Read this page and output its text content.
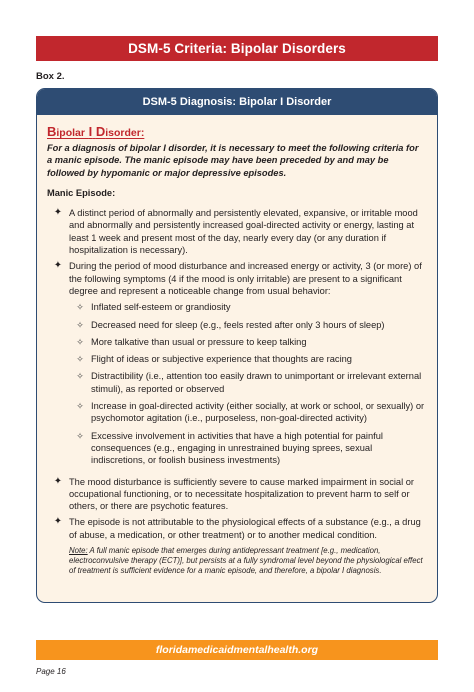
DSM-5 Criteria: Bipolar Disorders
Box 2.
DSM-5 Diagnosis: Bipolar I Disorder
Bipolar I Disorder:

For a diagnosis of bipolar I disorder, it is necessary to meet the following criteria for a manic episode. The manic episode may have been preceded by and may be followed by hypomanic or major depressive episodes.

Manic Episode:

✦ A distinct period of abnormally and persistently elevated, expansive, or irritable mood and abnormally and persistently increased goal-directed activity or energy, lasting at least 1 week and present most of the day, nearly every day (or any duration if hospitalization is necessary).
✦ During the period of mood disturbance and increased energy or activity, 3 (or more) of the following symptoms (4 if the mood is only irritable) are present to a significant degree and represent a noticeable change from usual behavior:
✧ Inflated self-esteem or grandiosity
✧ Decreased need for sleep (e.g., feels rested after only 3 hours of sleep)
✧ More talkative than usual or pressure to keep talking
✧ Flight of ideas or subjective experience that thoughts are racing
✧ Distractibility (i.e., attention too easily drawn to unimportant or irrelevant external stimuli), as reported or observed
✧ Increase in goal-directed activity (either socially, at work or school, or sexually) or psychomotor agitation (i.e., purposeless, non-goal-directed activity)
✧ Excessive involvement in activities that have a high potential for painful consequences (e.g., engaging in unrestrained buying sprees, sexual indiscretions, or foolish business investments)
✦ The mood disturbance is sufficiently severe to cause marked impairment in social or occupational functioning, or to necessitate hospitalization to prevent harm to self or others, or there are psychotic features.
✦ The episode is not attributable to the physiological effects of a substance (e.g., a drug of abuse, a medication, or other treatment) or to another medical condition.

Note: A full manic episode that emerges during antidepressant treatment [e.g., medication, electroconvulsive therapy (ECT)], but persists at a fully syndromal level beyond the physiological effect of treatment is sufficient evidence for a manic episode, and therefore, a bipolar I diagnosis.

floridamedicaidmentalhealth.org
Page 16
